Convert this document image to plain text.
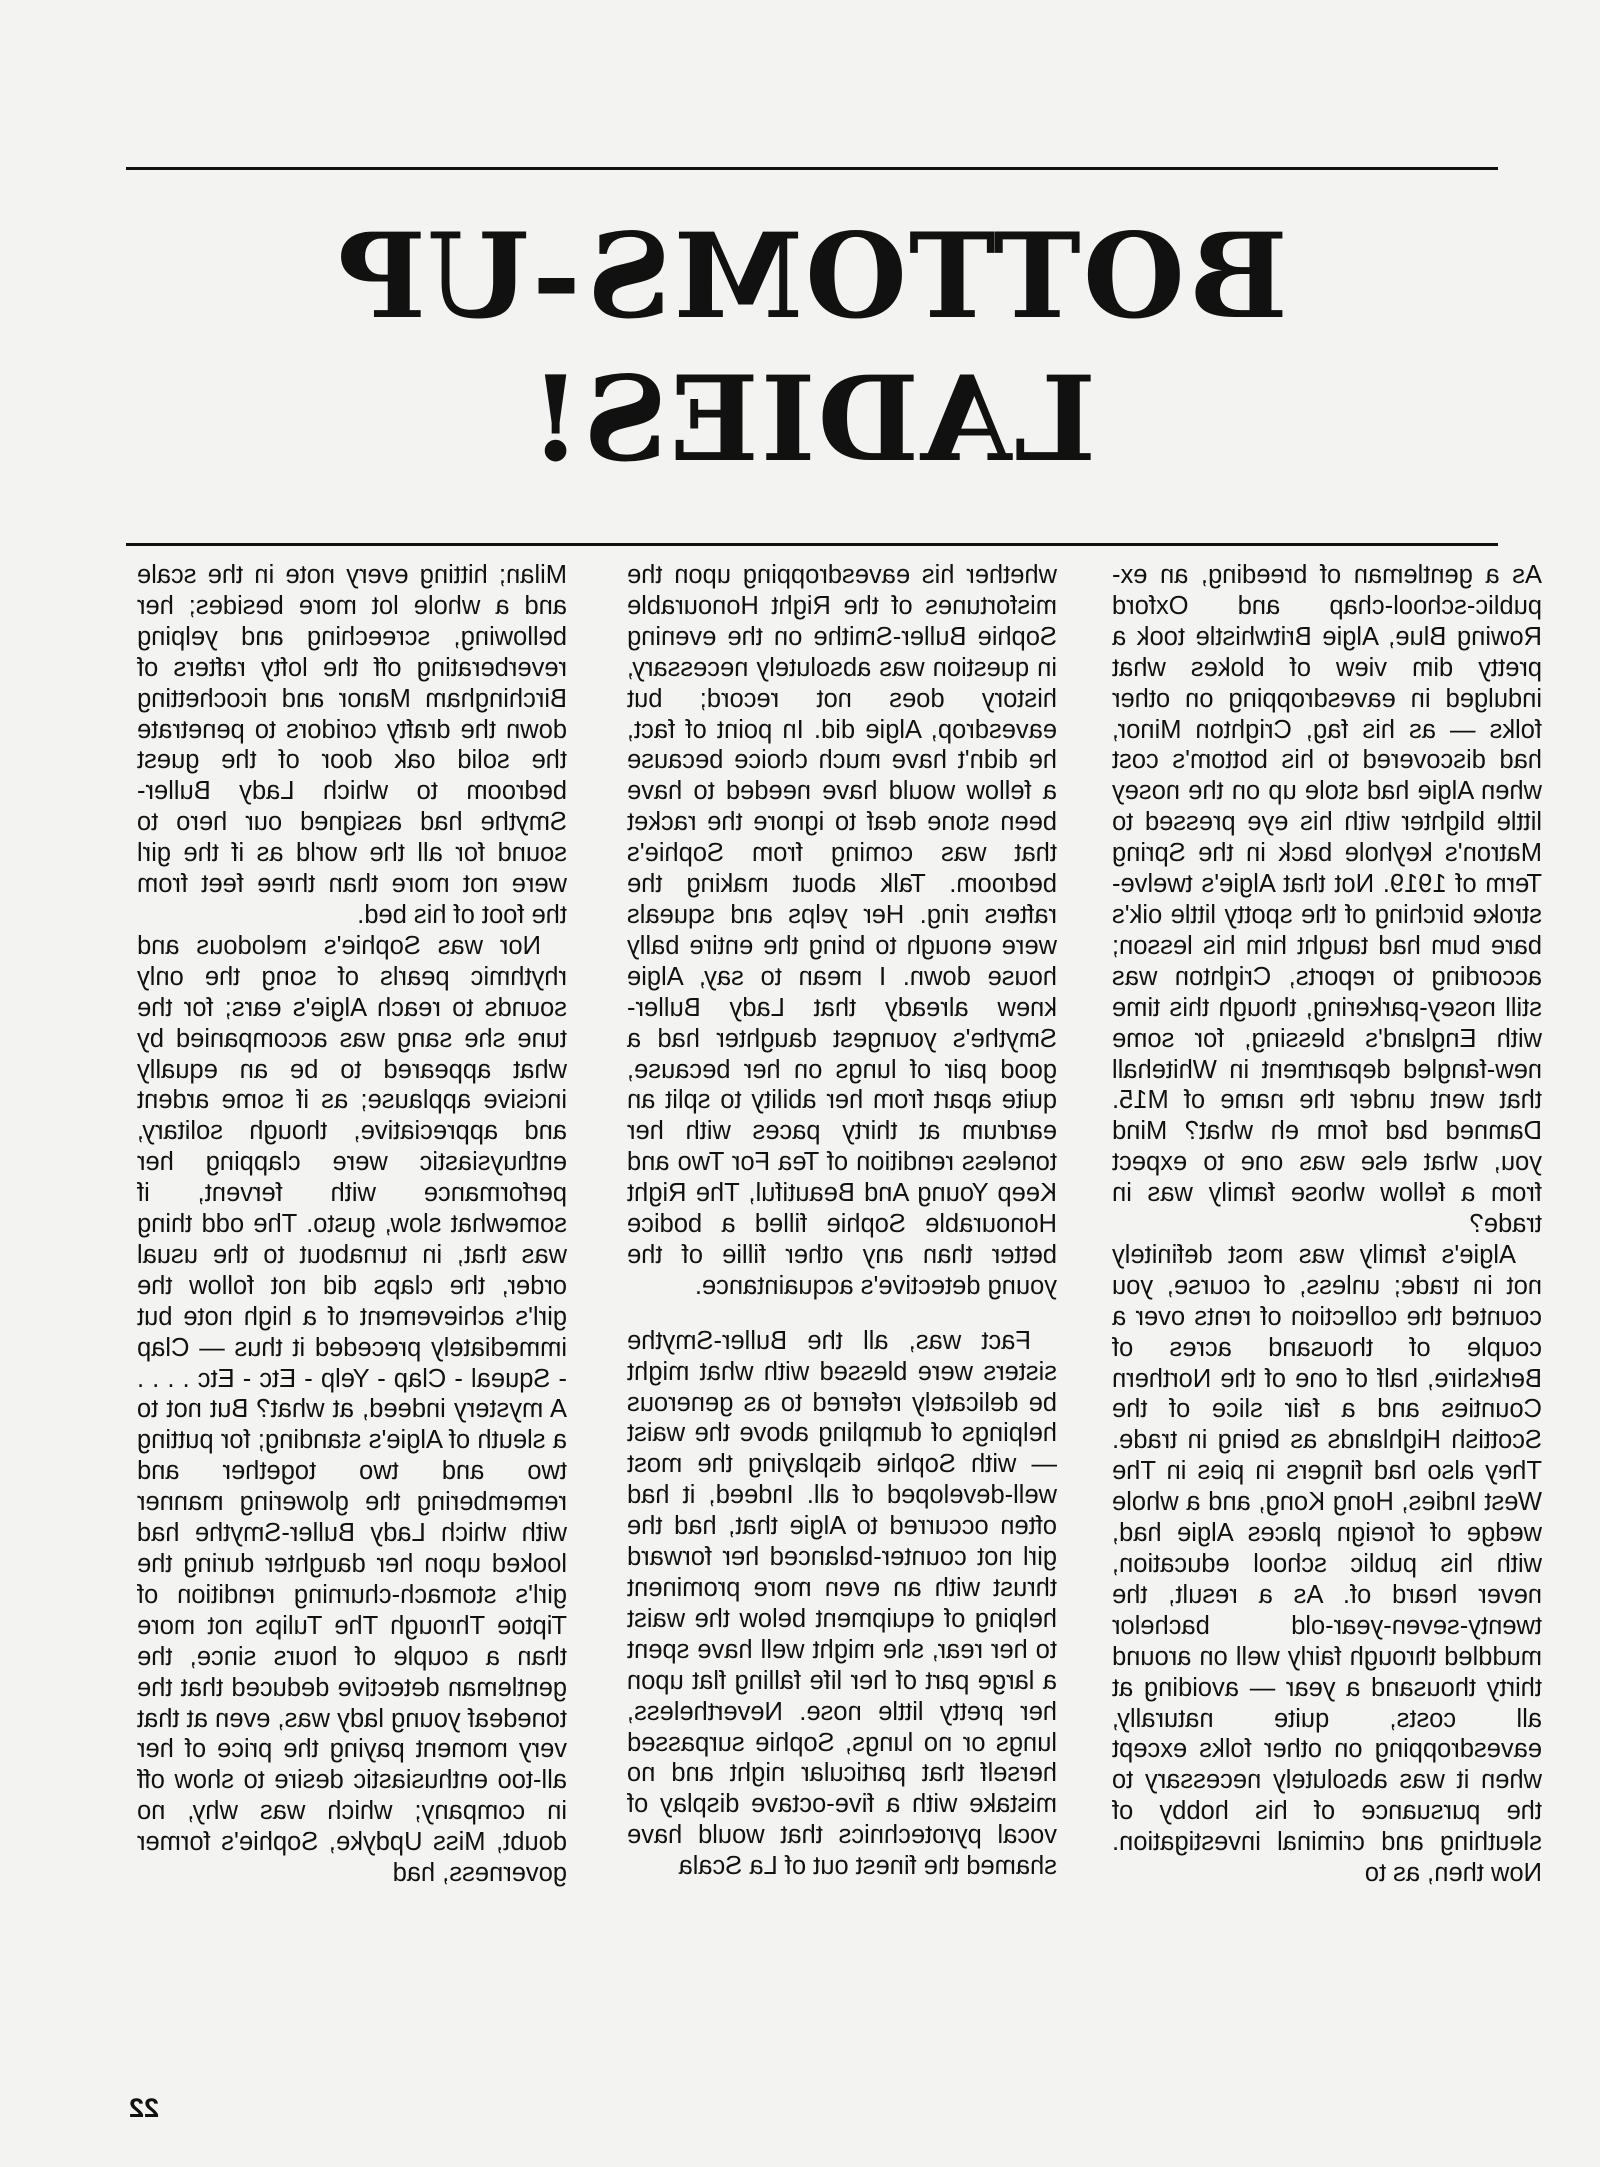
BOTTOMS-UP
LADIES!

As a gentleman of breeding, an ex-public-school-chap and Oxford Rowing Blue, Algie Britwhistle took a pretty dim view of blokes what indulged in eavesdropping on other folks — as his fag, Crighton Minor, had discovered to his bottom's cost when Algie had stole up on the nosey little blighter with his eye pressed to Matron's keyhole back in the Spring Term of 1919. Not that Algie's twelve-stroke birching of the spotty little oik's bare bum had taught him his lesson; according to reports, Crighton was still nosey-parkering, though this time with England's blessing, for some new-fangled department in Whitehall that went under the name of M15. Damned bad form eh what? Mind you, what else was one to expect from a fellow whose family was in trade?

Algie's family was most definitely not in trade; unless, of course, you counted the collection of rents over a couple of thousand acres of Berkshire, half of one of the Northern Counties and a fair slice of the Scottish Highlands as being in trade. They also had fingers in pies in The West Indies, Hong Kong, and a whole wedge of foreign places Algie had, with his public school education, never heard of. As a result, the twenty-seven-year-old bachelor muddled through fairly well on around thirty thousand a year — avoiding at all costs, quite naturally, eavesdropping on other folks except when it was absolutely necessary to the pursuance of his hobby of sleuthing and criminal investigation. Now then, as to

whether his eavesdropping upon the misfortunes of the Right Honourable Sophie Buller-Smithe on the evening in question was absolutely necessary, history does not record; but eavesdrop, Algie did. In point of fact, he didn't have much choice because a fellow would have needed to have been stone deaf to ignore the racket that was coming from Sophie's bedroom. Talk about making the rafters ring. Her yelps and squeals were enough to bring the entire bally house down. I mean to say, Algie knew already that Lady Buller-Smythe's youngest daughter had a good pair of lungs on her because, quite apart from her ability to split an eardrum at thirty paces with her toneless rendition of Tea For Two and Keep Young And Beautiful, The Right Honourable Sophie filled a bodice better than any other fillie of the young detective's acquaintance.

Fact was, all the Buller-Smythe sisters were blessed with what might be delicately referred to as generous helpings of dumpling above the waist — with Sophie displaying the most well-developed of all. Indeed, it had often occurred to Algie that, had the girl not counter-balanced her forward thrust with an even more prominent helping of equipment below the waist to her rear, she might well have spent a large part of her life falling flat upon her pretty little nose. Nevertheless, lungs or no lungs, Sophie surpassed herself that particular night and no mistake with a five-octave display of vocal pyrotechnics that would have shamed the finest out of La Scala

Milan; hitting every note in the scale and a whole lot more besides; her bellowing, screeching and yelping reverberating off the lofty rafters of Birchingham Manor and ricochetting down the drafty coridors to penetrate the solid oak door of the guest bedroom to which Lady Buller-Smythe had assigned our hero to sound for all the world as if the girl were not more than three feet from the foot of his bed.

Nor was Sophie's melodous and rhythmic pearls of song the only sounds to reach Algie's ears; for the tune she sang was accompanied by what appeared to be an equally incisive applause; as if some ardent and appreciative, though solitary, enthuysiastic were clapping her performance with fervent, if somewhat slow, gusto. The odd thing was that, in turnabout to the usual order, the claps did not follow the girl's achievement of a high note but immediately preceded it thus — Clap - Squeal - Clap - Yelp - Etc - Etc . . . . A mystery indeed, at what? But not to a sleuth of Algie's standing; for putting two and two together and remembering the glowering manner with which Lady Buller-Smythe had looked upon her daughter during the girl's stomach-churning rendition of Tiptoe Through The Tulips not more than a couple of hours since, the gentleman detective deduced that the tonedeaf young lady was, even at that very moment paying the price of her all-too enthusiastic desire to show off in company; which was why, no doubt, Miss Updyke, Sophie's former governess, had

22
